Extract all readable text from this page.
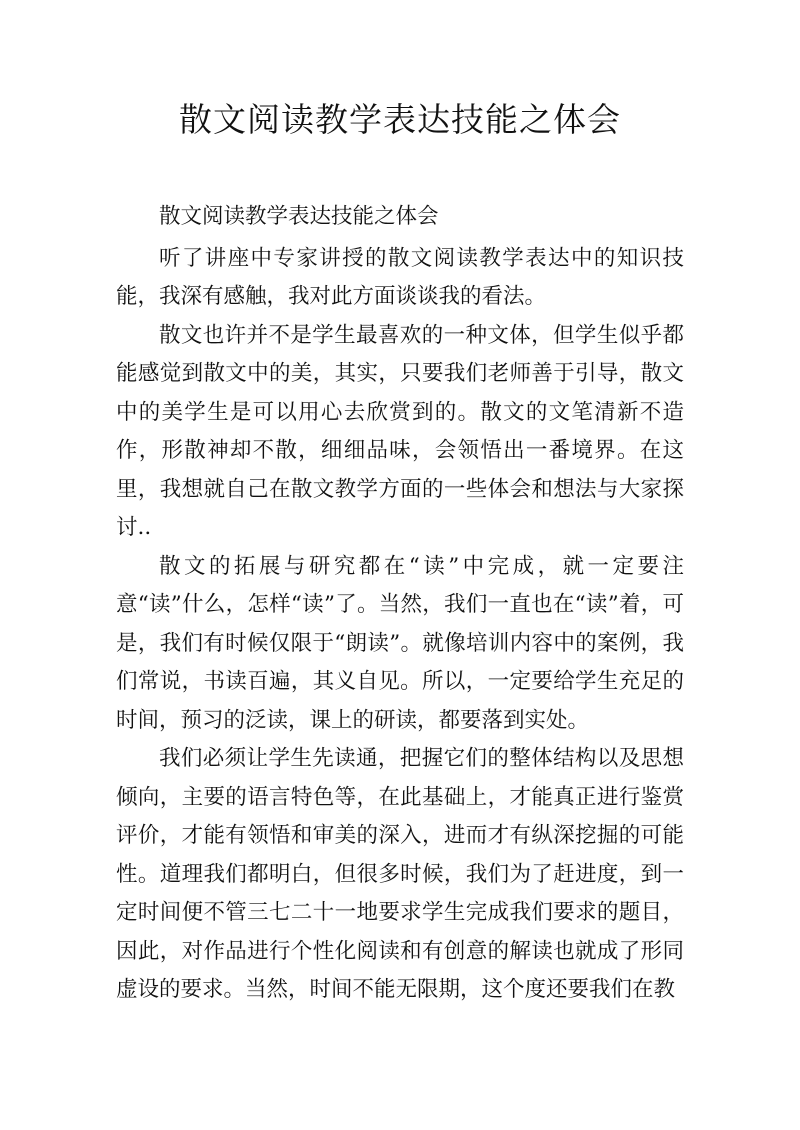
散文阅读教学表达技能之体会

散文阅读教学表达技能之体会

听了讲座中专家讲授的散文阅读教学表达中的知识技能，我深有感触，我对此方面谈谈我的看法。

散文也许并不是学生最喜欢的一种文体，但学生似乎都能感觉到散文中的美，其实，只要我们老师善于引导，散文中的美学生是可以用心去欣赏到的。散文的文笔清新不造作，形散神却不散，细细品味，会领悟出一番境界。在这里，我想就自己在散文教学方面的一些体会和想法与大家探讨..

散文的拓展与研究都在“读”中完成，就一定要注意“读”什么，怎样“读”了。当然，我们一直也在“读”着，可是，我们有时候仅限于“朗读”。就像培训内容中的案例，我们常说，书读百遍，其义自见。所以，一定要给学生充足的时间，预习的泛读，课上的研读，都要落到实处。

我们必须让学生先读通，把握它们的整体结构以及思想倾向，主要的语言特色等，在此基础上，才能真正进行鉴赏评价，才能有领悟和审美的深入，进而才有纵深挖掘的可能性。道理我们都明白，但很多时候，我们为了赶进度，到一定时间便不管三七二十一地要求学生完成我们要求的题目，因此，对作品进行个性化阅读和有创意的解读也就成了形同虚设的要求。当然，时间不能无限期，这个度还要我们在教
